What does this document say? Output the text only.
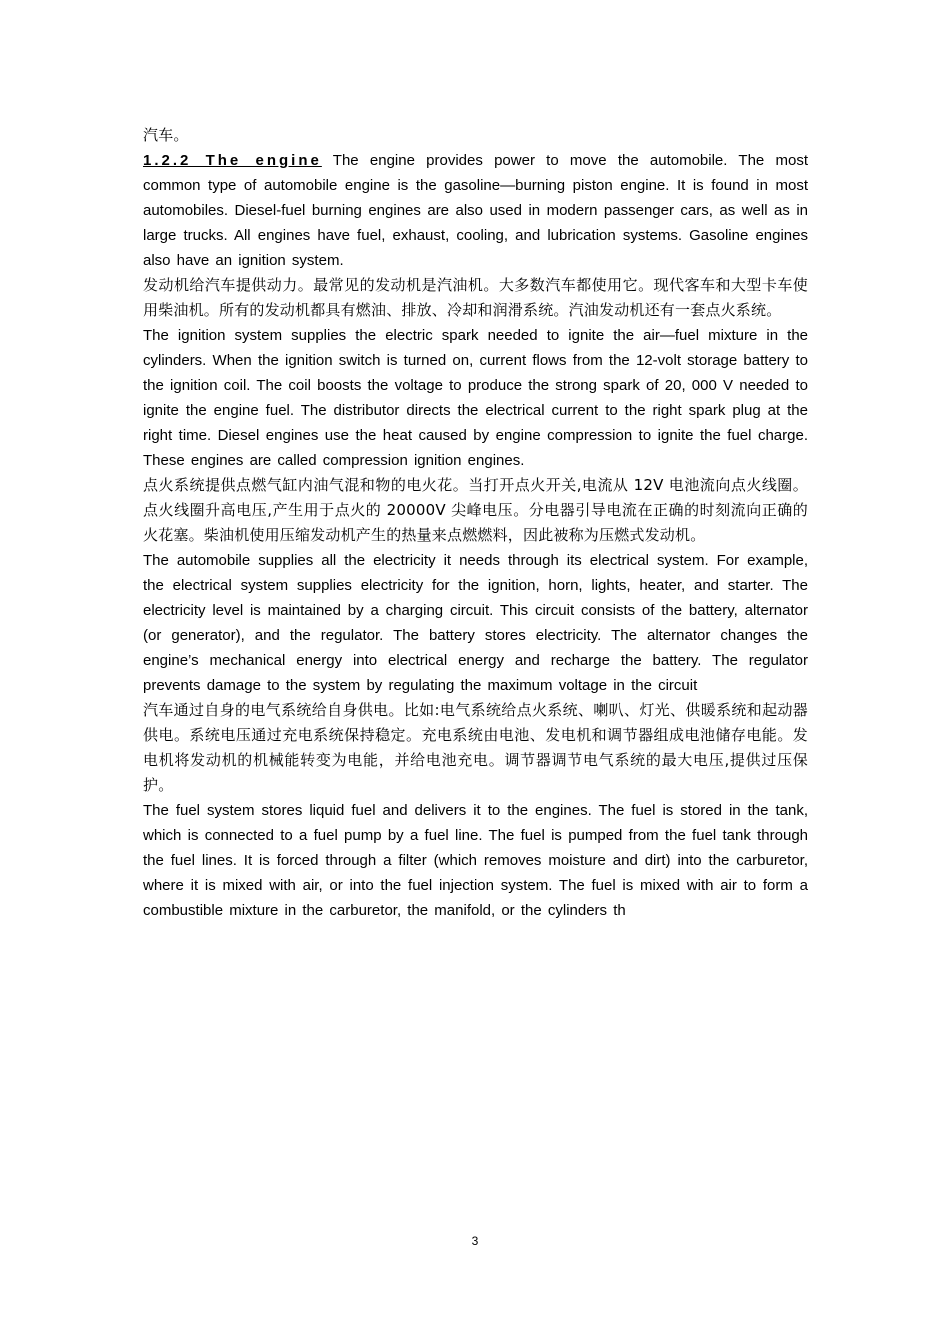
汽车。

1.2.2 The engine The engine provides power to move the automobile. The most common type of automobile engine is the gasoline—burning piston engine. It is found in most automobiles. Diesel-fuel burning engines are also used in modern passenger cars, as well as in large trucks. All engines have fuel, exhaust, cooling, and lubrication systems. Gasoline engines also have an ignition system.

发动机给汽车提供动力。最常见的发动机是汽油机。大多数汽车都使用它。现代客车和大型卡车使用柴油机。所有的发动机都具有燃油、排放、冷却和润滑系统。汽油发动机还有一套点火系统。

The ignition system supplies the electric spark needed to ignite the air—fuel mixture in the cylinders. When the ignition switch is turned on, current flows from the 12-volt storage battery to the ignition coil. The coil boosts the voltage to produce the strong spark of 20, 000 V needed to ignite the engine fuel. The distributor directs the electrical current to the right spark plug at the right time. Diesel engines use the heat caused by engine compression to ignite the fuel charge. These engines are called compression ignition engines.

点火系统提供点燃气缸内油气混和物的电火花。当打开点火开关,电流从 12V 电池流向点火线圈。点火线圈升高电压,产生用于点火的 20000V 尖峰电压。分电器引导电流在正确的时刻流向正确的火花塞。柴油机使用压缩发动机产生的热量来点燃燃料，因此被称为压燃式发动机。

The automobile supplies all the electricity it needs through its electrical system. For example, the electrical system supplies electricity for the ignition, horn, lights, heater, and starter. The electricity level is maintained by a charging circuit. This circuit consists of the battery, alternator (or generator), and the regulator. The battery stores electricity. The alternator changes the engine’s mechanical energy into electrical energy and recharge the battery. The regulator prevents damage to the system by regulating the maximum voltage in the circuit

汽车通过自身的电气系统给自身供电。比如:电气系统给点火系统、喇叭、灯光、供暖系统和起动器供电。系统电压通过充电系统保持稳定。充电系统由电池、发电机和调节器组成电池储存电能。发电机将发动机的机械能转变为电能，并给电池充电。调节器调节电气系统的最大电压,提供过压保护。

The fuel system stores liquid fuel and delivers it to the engines. The fuel is stored in the tank, which is connected to a fuel pump by a fuel line. The fuel is pumped from the fuel tank through the fuel lines. It is forced through a filter (which removes moisture and dirt) into the carburetor, where it is mixed with air, or into the fuel injection system. The fuel is mixed with air to form a combustible mixture in the carburetor, the manifold, or the cylinders th

3
